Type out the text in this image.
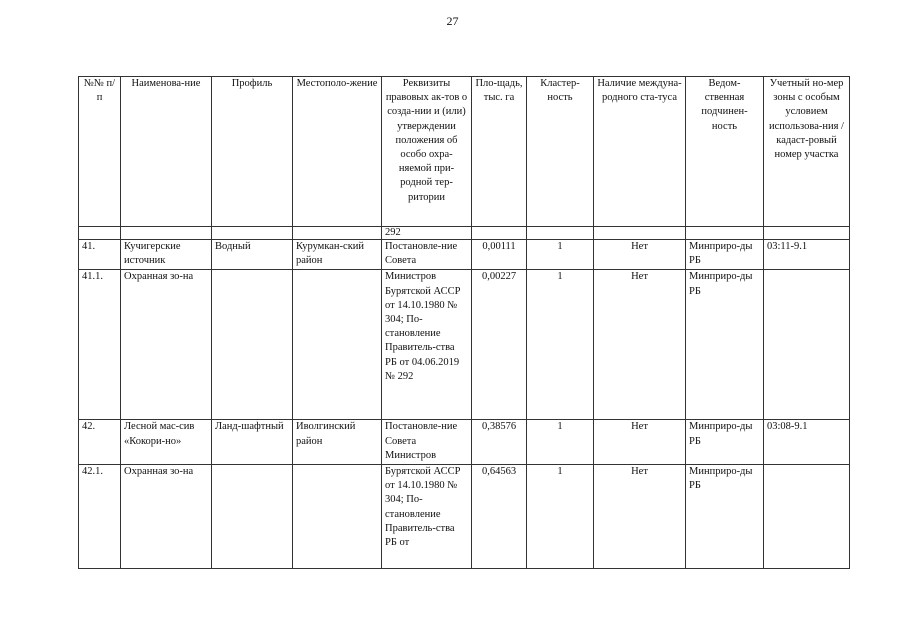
27
№№ п/п	Наименова-ние	Профиль	Местополо-жение	Реквизиты правовых ак-тов о созда-нии и (или) утверждении положения об особо охра-няемой при-родной тер-ритории	Пло-щадь, тыс. га	Кластер-ность	Наличие междуна-родного ста-туса	Ведом-ственная подчинен-ность	Учетный но-мер зоны с особым условием использова-ния / кадаст-ровый номер участка
				292					
41.	Кучигерские источник	Водный	Курумкан-ский район	Постановле-ние Совета	0,00111	1	Нет	Минприро-ды РБ	03:11-9.1
41.1.	Охранная зо-на			Министров Бурятской АССР от 14.10.1980 № 304; По-становление Правитель-ства РБ от 04.06.2019 № 292	0,00227	1	Нет	Минприро-ды РБ	
42.	Лесной мас-сив «Кокори-но»	Ланд-шафтный	Иволгинский район	Постановле-ние Совета Министров	0,38576	1	Нет	Минприро-ды РБ	03:08-9.1
42.1.	Охранная зо-на			Бурятской АССР от 14.10.1980 № 304; По-становление Правитель-ства РБ от	0,64563	1	Нет	Минприро-ды РБ	
